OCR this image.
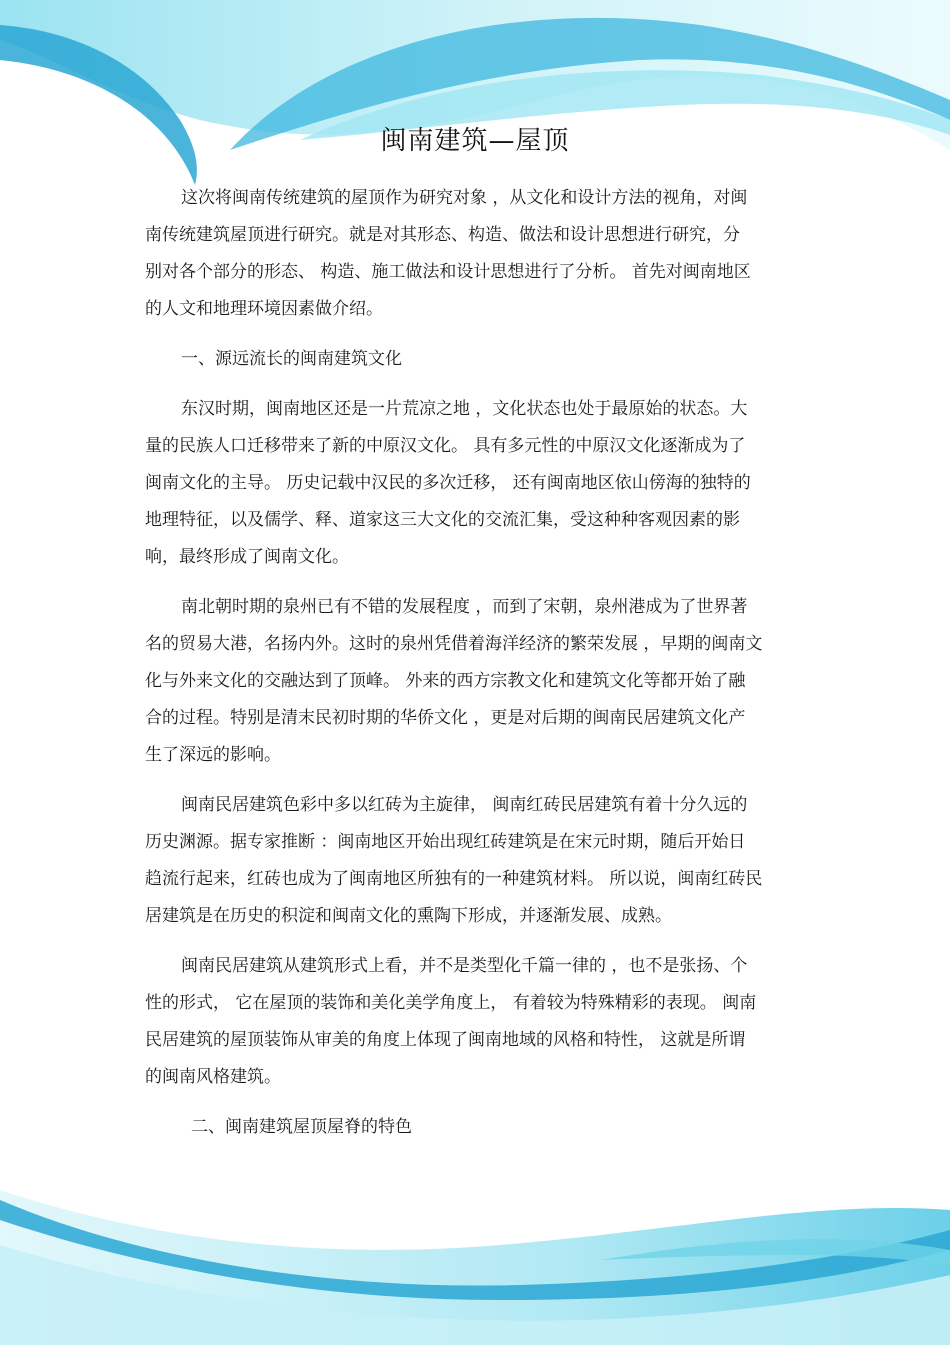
闽南建筑—屋顶
这次将闽南传统建筑的屋顶作为研究对象 ，从文化和设计方法的视角，对闽
南传统建筑屋顶进行研究。就是对其形态、构造、做法和设计思想进行研究，分
别对各个部分的形态、 构造、施工做法和设计思想进行了分析。 首先对闽南地区
的人文和地理环境因素做介绍。
一、源远流长的闽南建筑文化
东汉时期，闽南地区还是一片荒凉之地 ，文化状态也处于最原始的状态。大
量的民族人口迁移带来了新的中原汉文化。 具有多元性的中原汉文化逐渐成为了
闽南文化的主导。 历史记载中汉民的多次迁移， 还有闽南地区依山傍海的独特的
地理特征，以及儒学、释、道家这三大文化的交流汇集，受这种种客观因素的影
响，最终形成了闽南文化。
南北朝时期的泉州已有不错的发展程度 ，而到了宋朝，泉州港成为了世界著
名的贸易大港，名扬内外。这时的泉州凭借着海洋经济的繁荣发展 ，早期的闽南文
化与外来文化的交融达到了顶峰。 外来的西方宗教文化和建筑文化等都开始了融
合的过程。特别是清末民初时期的华侨文化 ，更是对后期的闽南民居建筑文化产
生了深远的影响。
闽南民居建筑色彩中多以红砖为主旋律， 闽南红砖民居建筑有着十分久远的
历史渊源。据专家推断 ：闽南地区开始出现红砖建筑是在宋元时期，随后开始日
趋流行起来，红砖也成为了闽南地区所独有的一种建筑材料。 所以说，闽南红砖民
居建筑是在历史的积淀和闽南文化的熏陶下形成，并逐渐发展、成熟。
闽南民居建筑从建筑形式上看，并不是类型化千篇一律的 ，也不是张扬、个
性的形式， 它在屋顶的装饰和美化美学角度上， 有着较为特殊精彩的表现。 闽南
民居建筑的屋顶装饰从审美的角度上体现了闽南地域的风格和特性， 这就是所谓
的闽南风格建筑。
二、闽南建筑屋顶屋脊的特色
